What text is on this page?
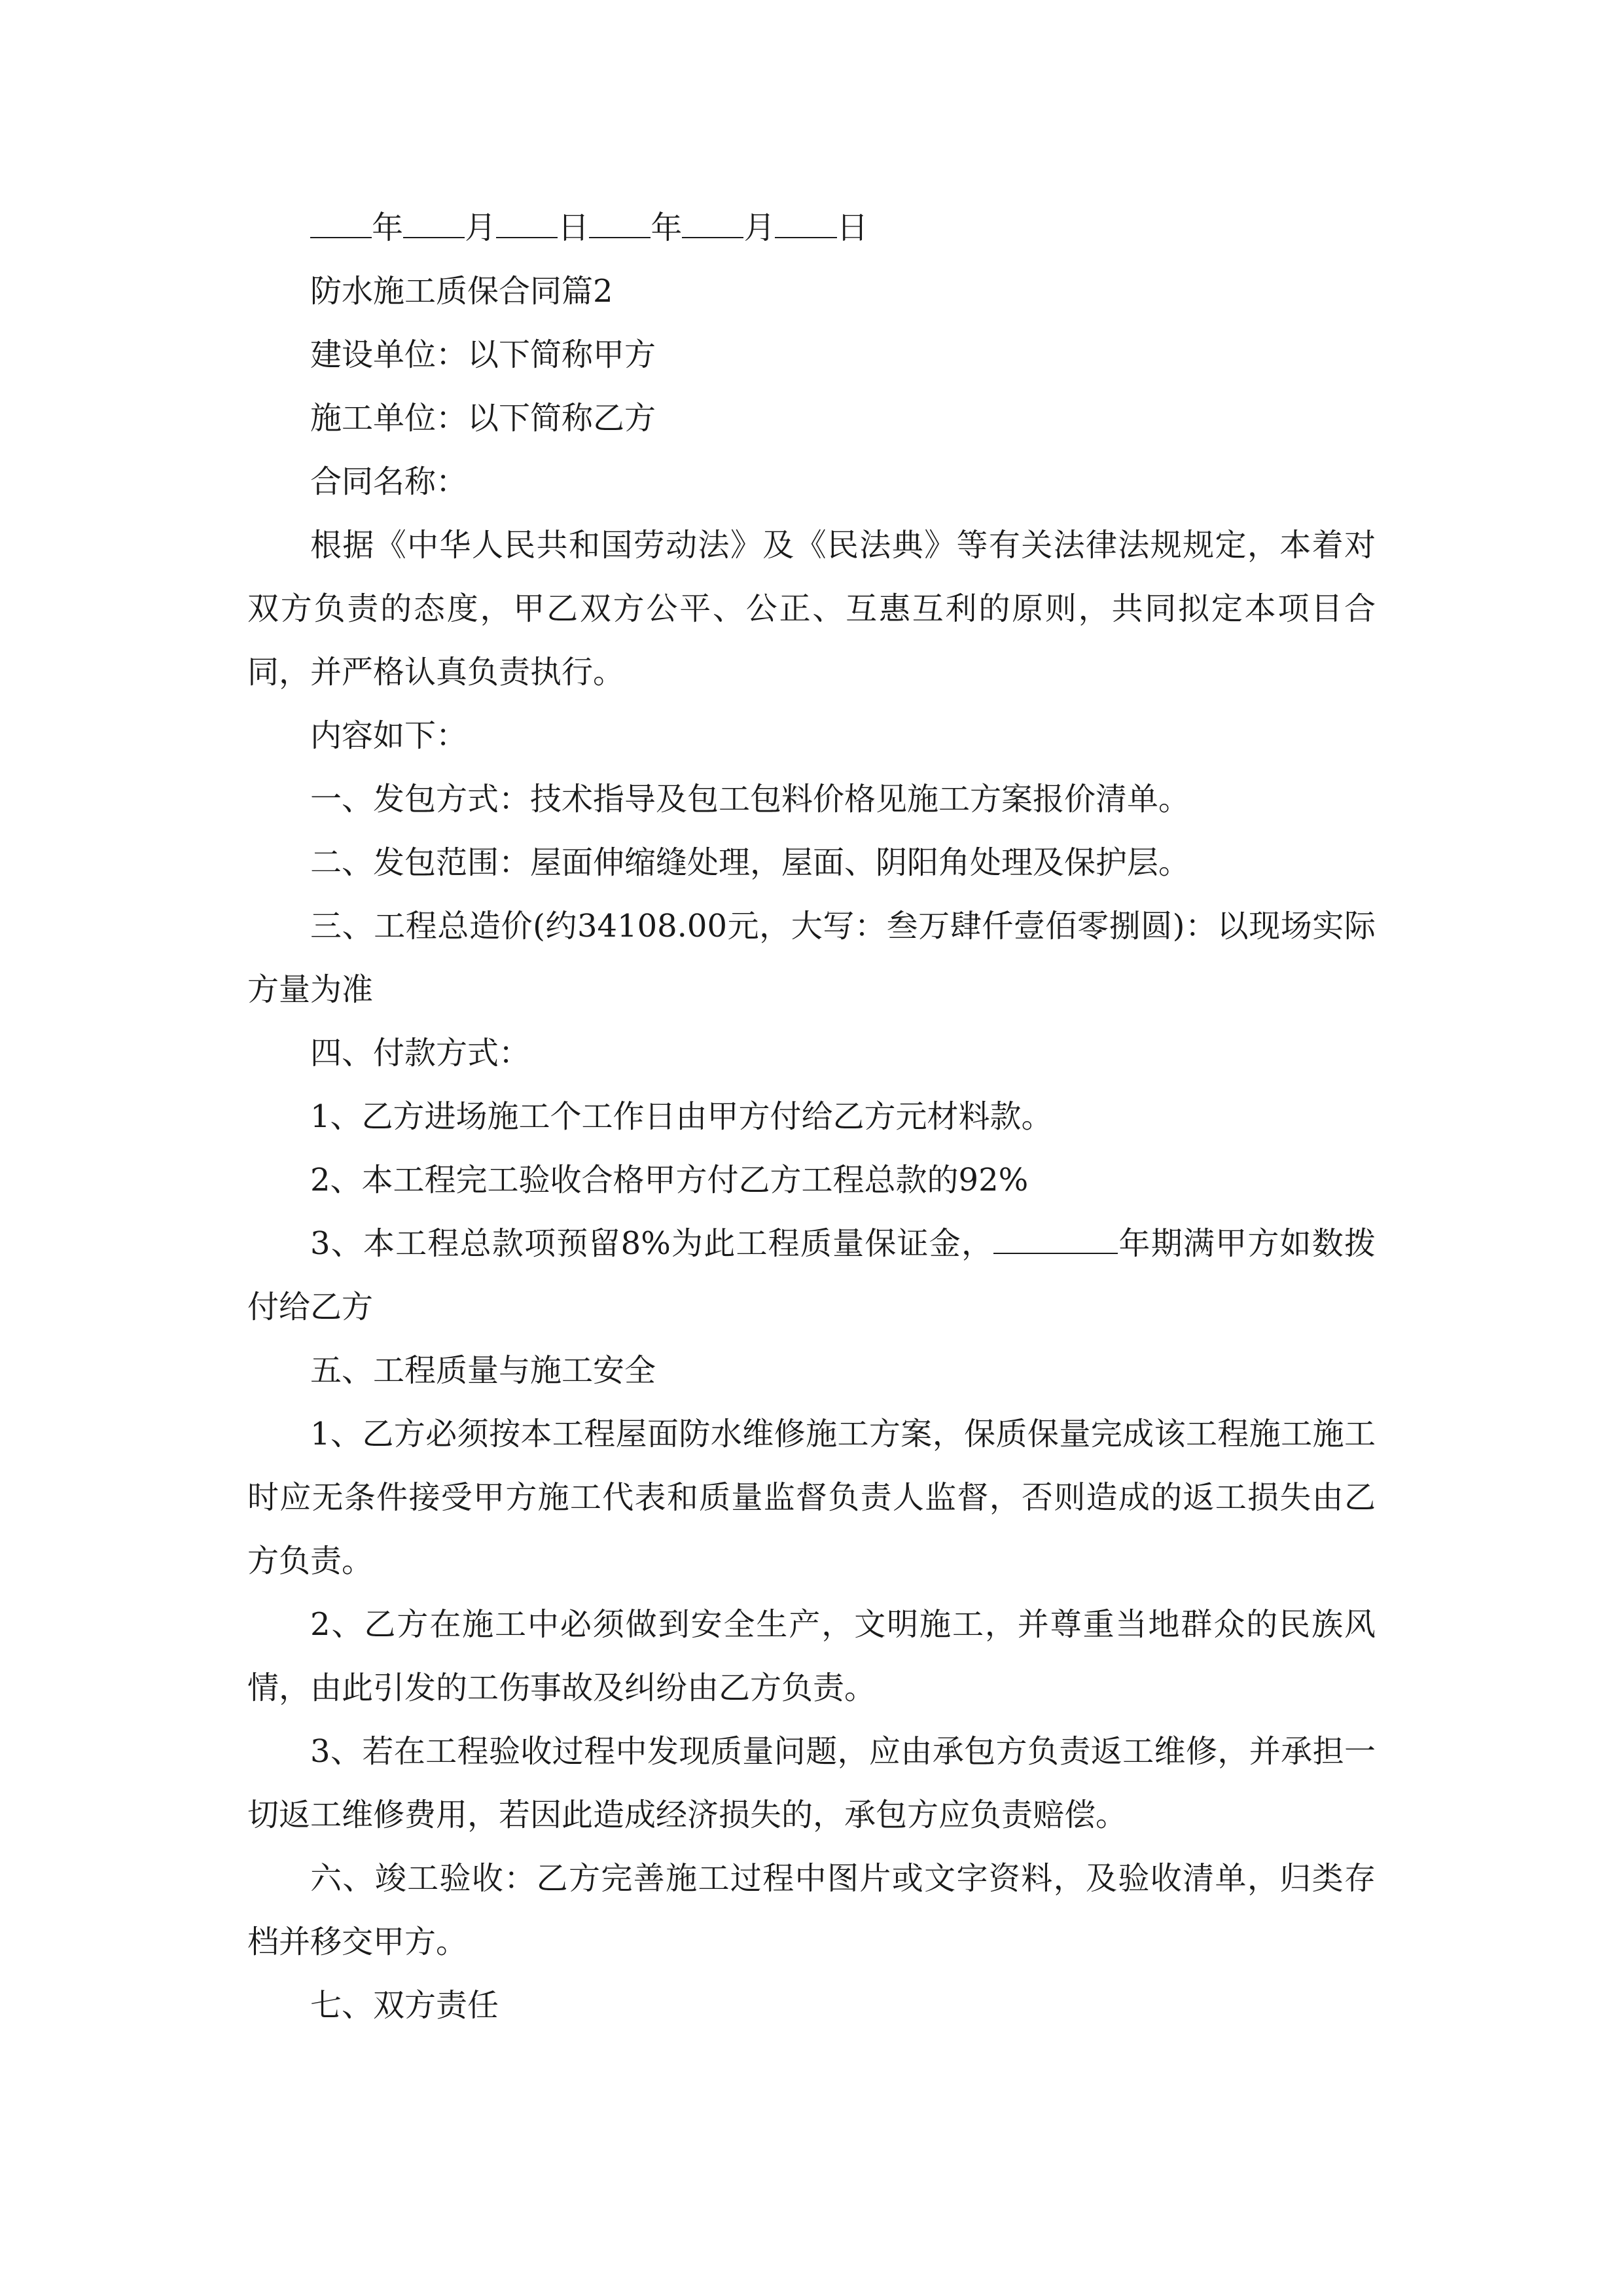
年 月 日 年 月 日

防水施工质保合同篇2

建设单位：以下简称甲方

施工单位：以下简称乙方

合同名称：

根据《中华人民共和国劳动法》及《民法典》等有关法律法规规定，本着对双方负责的态度，甲乙双方公平、公正、互惠互利的原则，共同拟定本项目合同，并严格认真负责执行。

内容如下：

一、发包方式：技术指导及包工包料价格见施工方案报价清单。

二、发包范围：屋面伸缩缝处理，屋面、阴阳角处理及保护层。

三、工程总造价(约34108.00元，大写：叁万肆仟壹佰零捌圆)：以现场实际方量为准

四、付款方式：

1、乙方进场施工个工作日由甲方付给乙方元材料款。

2、本工程完工验收合格甲方付乙方工程总款的92%

3、本工程总款项预留8%为此工程质量保证金，	年期满甲方如数拨付给乙方

五、工程质量与施工安全

1、乙方必须按本工程屋面防水维修施工方案，保质保量完成该工程施工施工时应无条件接受甲方施工代表和质量监督负责人监督，否则造成的返工损失由乙方负责。

2、乙方在施工中必须做到安全生产，文明施工，并尊重当地群众的民族风情，由此引发的工伤事故及纠纷由乙方负责。

3、若在工程验收过程中发现质量问题，应由承包方负责返工维修，并承担一切返工维修费用，若因此造成经济损失的，承包方应负责赔偿。

六、竣工验收：乙方完善施工过程中图片或文字资料，及验收清单，归类存档并移交甲方。

七、双方责任
